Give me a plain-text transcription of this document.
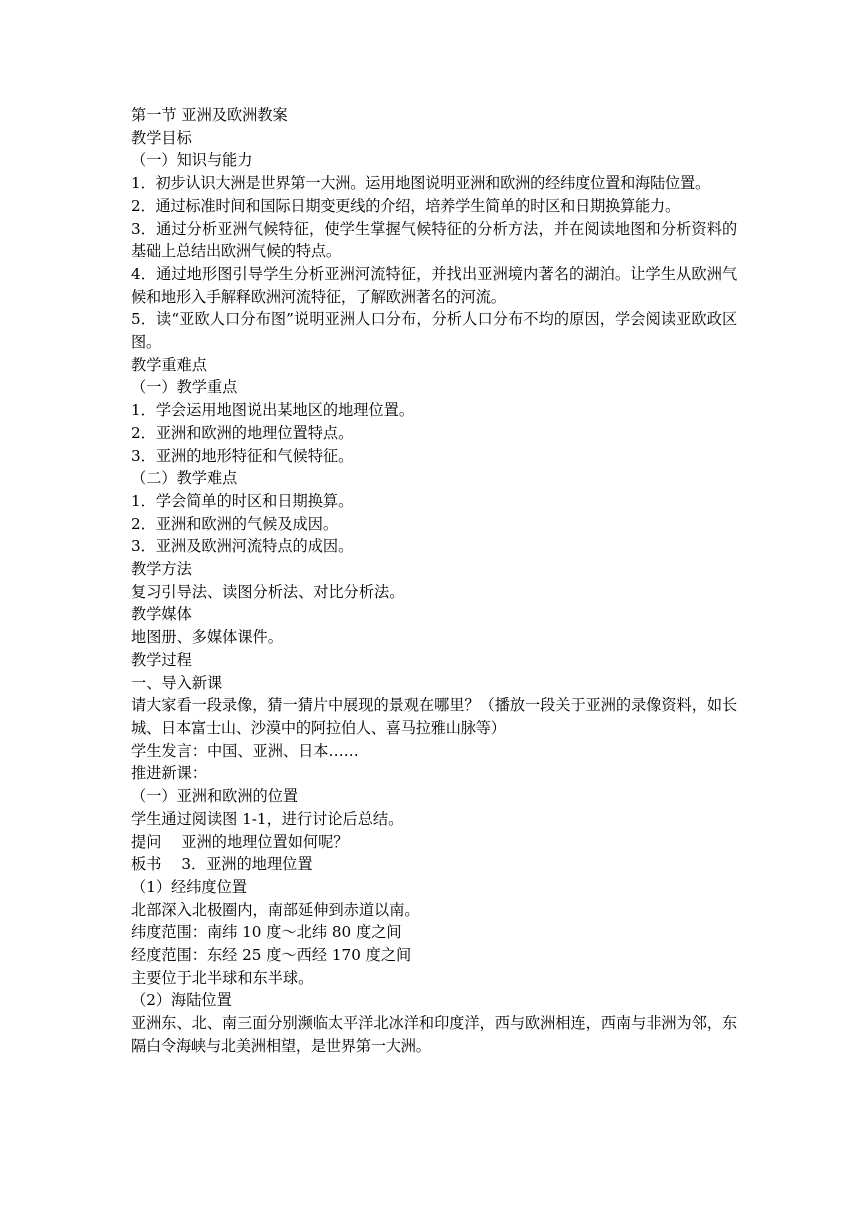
第一节 亚洲及欧洲教案

教学目标

（一）知识与能力

1．初步认识大洲是世界第一大洲。运用地图说明亚洲和欧洲的经纬度位置和海陆位置。

2．通过标准时间和国际日期变更线的介绍，培养学生简单的时区和日期换算能力。

3．通过分析亚洲气候特征，使学生掌握气候特征的分析方法，并在阅读地图和分析资料的基础上总结出欧洲气候的特点。

4．通过地形图引导学生分析亚洲河流特征，并找出亚洲境内著名的湖泊。让学生从欧洲气候和地形入手解释欧洲河流特征，了解欧洲著名的河流。

5．读“亚欧人口分布图”说明亚洲人口分布，分析人口分布不均的原因，学会阅读亚欧政区图。

教学重难点

（一）教学重点

1．学会运用地图说出某地区的地理位置。

2．亚洲和欧洲的地理位置特点。

3．亚洲的地形特征和气候特征。

（二）教学难点

1．学会简单的时区和日期换算。

2．亚洲和欧洲的气候及成因。

3．亚洲及欧洲河流特点的成因。

教学方法

复习引导法、读图分析法、对比分析法。

教学媒体

地图册、多媒体课件。

教学过程

一、导入新课

请大家看一段录像，猜一猜片中展现的景观在哪里？（播放一段关于亚洲的录像资料，如长城、日本富士山、沙漠中的阿拉伯人、喜马拉雅山脉等）

学生发言：中国、亚洲、日本……

推进新课：

（一）亚洲和欧洲的位置

学生通过阅读图 1-1，进行讨论后总结。

提问　 亚洲的地理位置如何呢？

板书　 3．亚洲的地理位置

（1）经纬度位置

北部深入北极圈内，南部延伸到赤道以南。

纬度范围：南纬 10 度～北纬 80 度之间

经度范围：东经 25 度～西经 170 度之间

主要位于北半球和东半球。

（2）海陆位置

亚洲东、北、南三面分别濒临太平洋北冰洋和印度洋，西与欧洲相连，西南与非洲为邻，东隔白令海峡与北美洲相望，是世界第一大洲。
